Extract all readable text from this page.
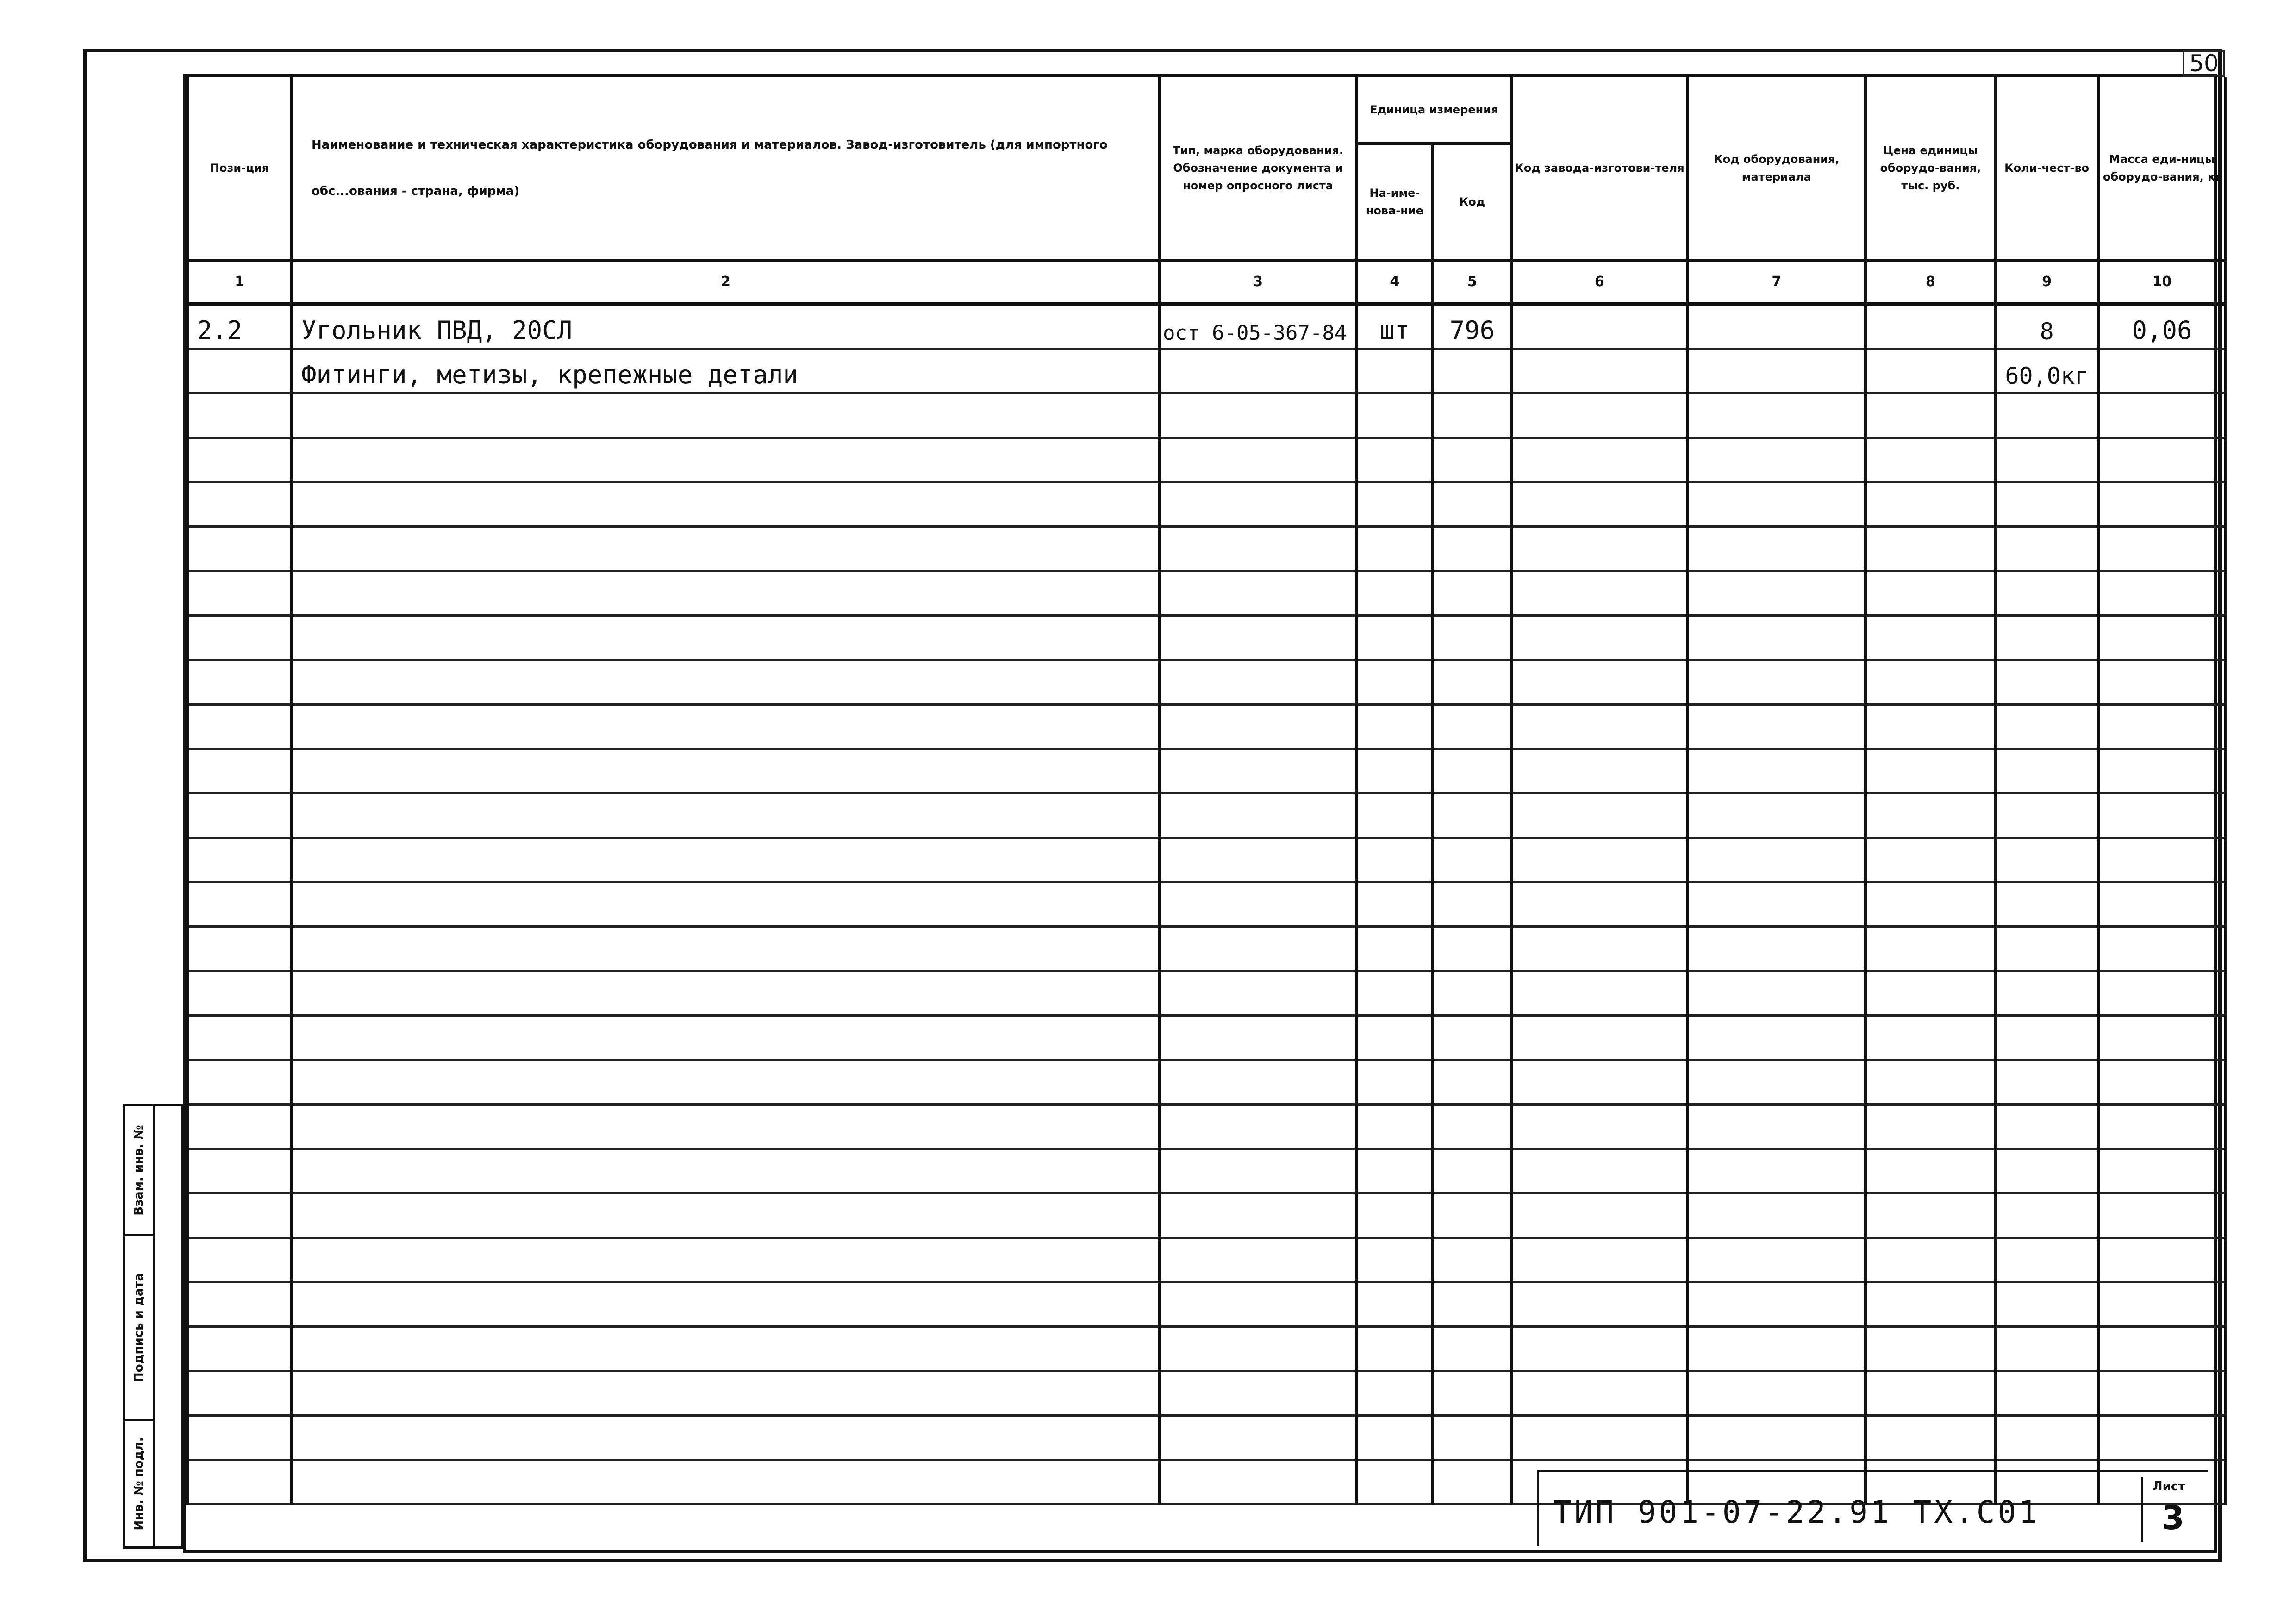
50
Пози-ция	Наименование и техническая характеристика оборудования и материалов. Завод-изготовитель (для импортного обс...ования - страна, фирма)	Тип, марка оборудования. Обозначение документа и номер опросного листа	Единица измерения		Код завода-изготови-теля	Код оборудования, материала	Цена единицы оборудо-вания, тыс. руб.	Коли-чест-во	Масса еди-ницы оборудо-вания, кг
			На-име-нова-ние	Код					
1	2	3	4	5	6	7	8	9	10
2.2	Угольник ПВД, 20СЛ	ост 6-05-367-84	шт	796				8	0,06
	Фитинги, метизы, крепежные детали							60,0кг	

Взам. инв. №
Подпись и дата
Инв. № подл.	ТИП 901-07-22.91 ТХ.С01
Лист
3
